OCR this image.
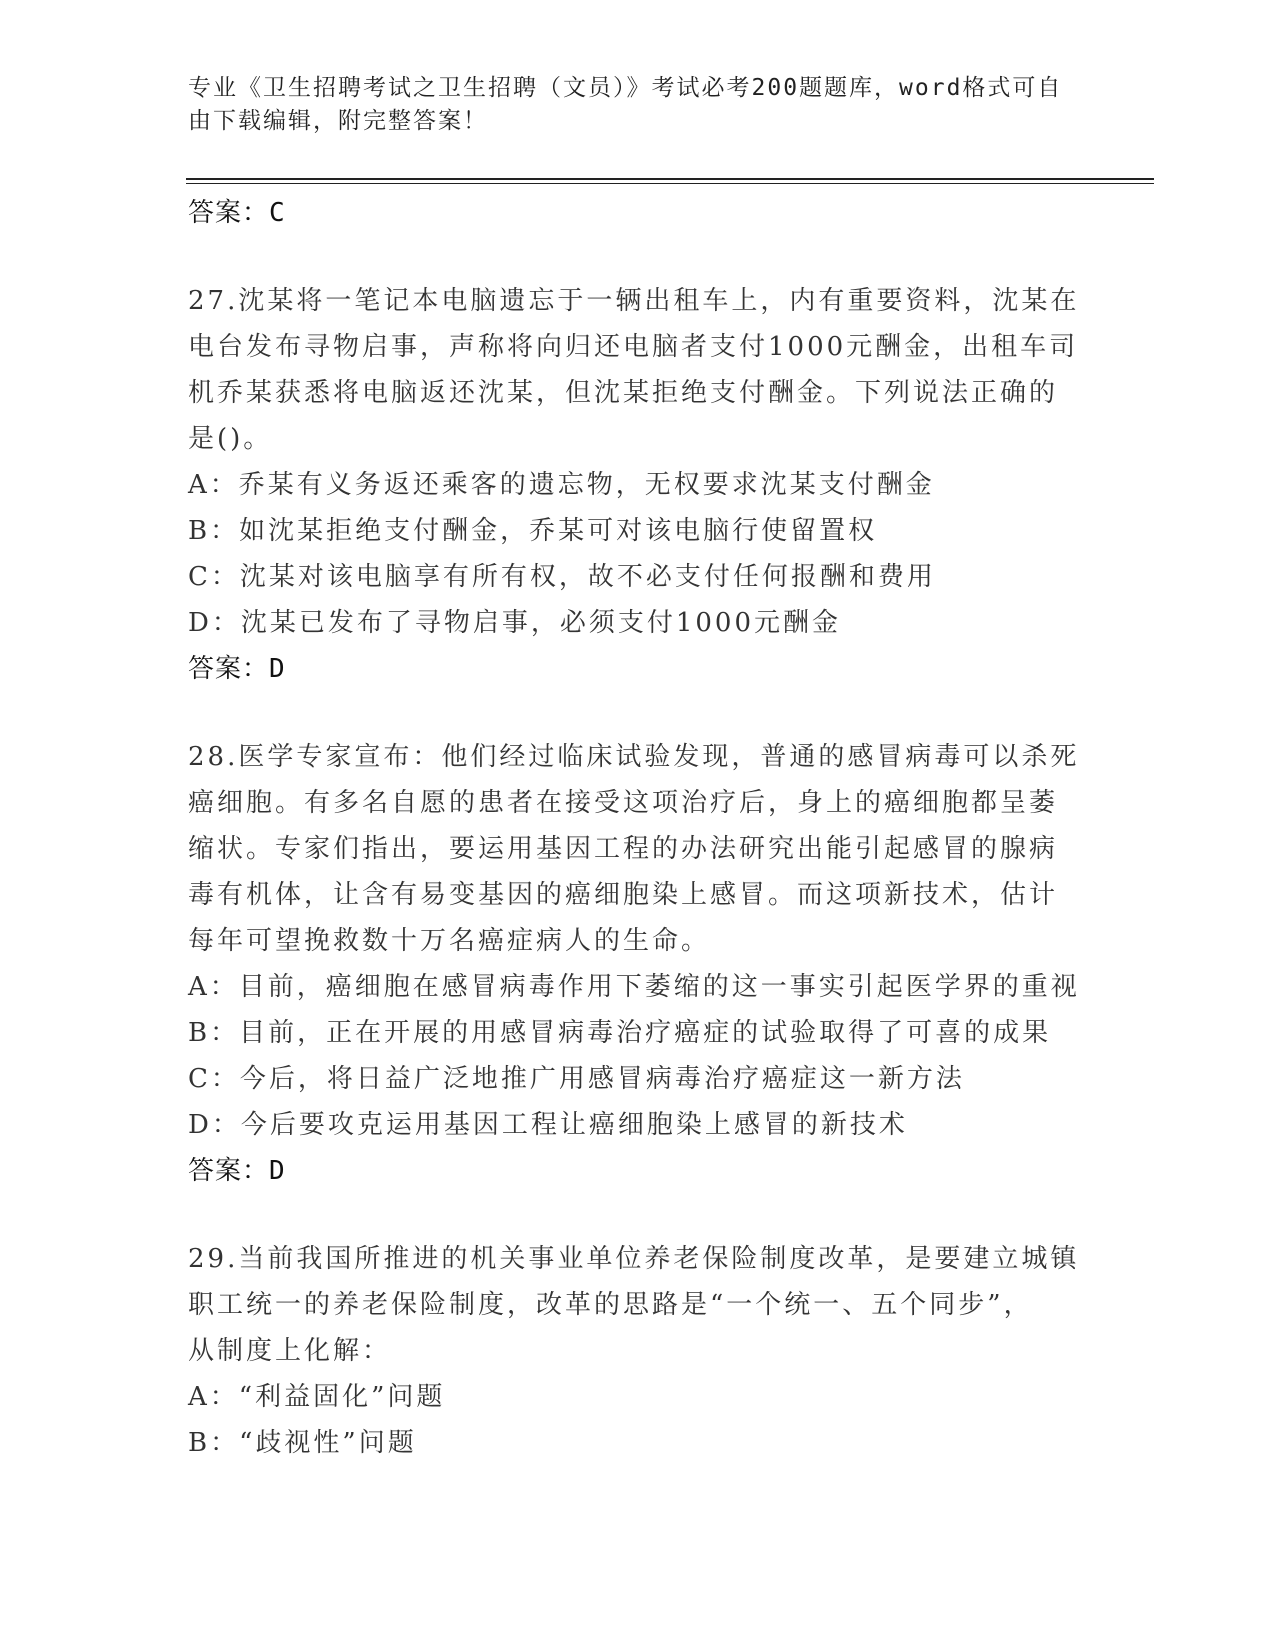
专业《卫生招聘考试之卫生招聘（文员）》考试必考200题题库，word格式可自
由下载编辑，附完整答案！
答案：C

27.沈某将一笔记本电脑遗忘于一辆出租车上，内有重要资料，沈某在

电台发布寻物启事，声称将向归还电脑者支付1000元酬金，出租车司

机乔某获悉将电脑返还沈某，但沈某拒绝支付酬金。下列说法正确的

是()。

A：乔某有义务返还乘客的遗忘物，无权要求沈某支付酬金

B：如沈某拒绝支付酬金，乔某可对该电脑行使留置权

C：沈某对该电脑享有所有权，故不必支付任何报酬和费用

D：沈某已发布了寻物启事，必须支付1000元酬金

答案：D

28.医学专家宣布：他们经过临床试验发现，普通的感冒病毒可以杀死

癌细胞。有多名自愿的患者在接受这项治疗后，身上的癌细胞都呈萎

缩状。专家们指出，要运用基因工程的办法研究出能引起感冒的腺病

毒有机体，让含有易变基因的癌细胞染上感冒。而这项新技术，估计

每年可望挽救数十万名癌症病人的生命。

A：目前，癌细胞在感冒病毒作用下萎缩的这一事实引起医学界的重视

B：目前，正在开展的用感冒病毒治疗癌症的试验取得了可喜的成果

C：今后，将日益广泛地推广用感冒病毒治疗癌症这一新方法

D：今后要攻克运用基因工程让癌细胞染上感冒的新技术

答案：D

29.当前我国所推进的机关事业单位养老保险制度改革，是要建立城镇

职工统一的养老保险制度，改革的思路是“一个统一、五个同步”，

从制度上化解：

A：“利益固化”问题

B：“歧视性”问题
